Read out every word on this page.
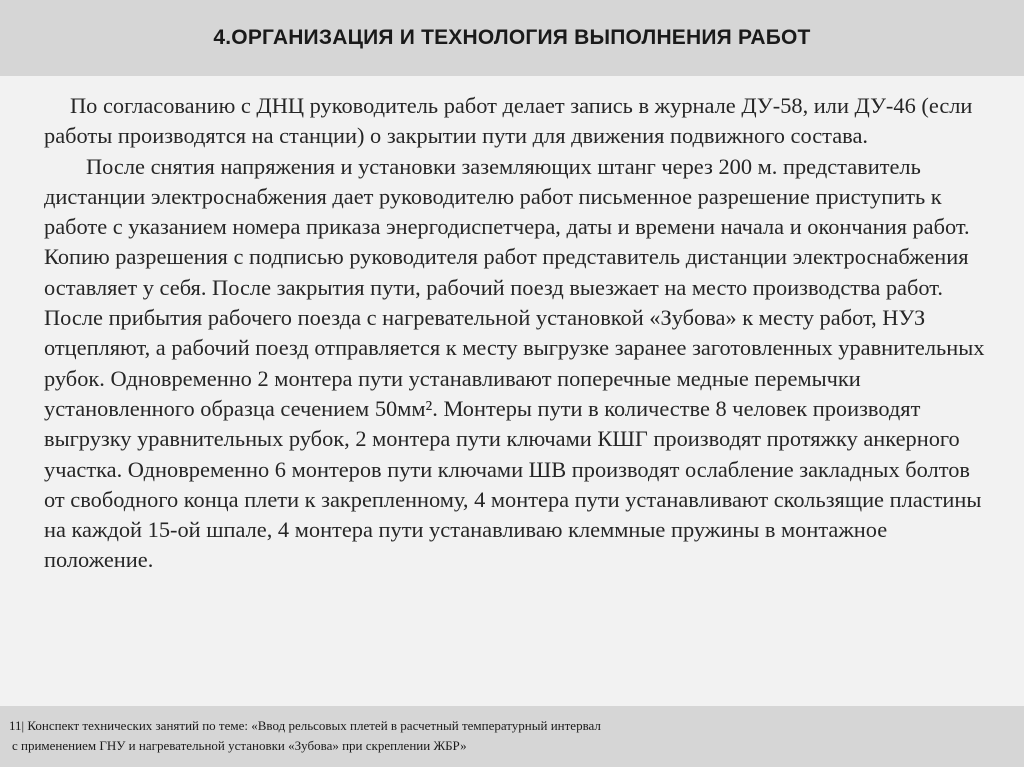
4.ОРГАНИЗАЦИЯ И ТЕХНОЛОГИЯ ВЫПОЛНЕНИЯ РАБОТ

По согласованию с ДНЦ руководитель работ делает запись в журнале ДУ-58, или ДУ-46 (если работы производятся на станции) о закрытии пути для движения подвижного состава.

После снятия напряжения и установки заземляющих штанг через 200 м. представитель дистанции электроснабжения дает руководителю работ письменное разрешение приступить к работе с указанием номера приказа энергодиспетчера, даты и времени начала и окончания работ. Копию разрешения с подписью руководителя работ представитель дистанции электроснабжения оставляет у себя. После закрытия пути, рабочий поезд выезжает на место производства работ. После прибытия рабочего поезда с нагревательной установкой «Зубова» к месту работ, НУЗ отцепляют, а рабочий поезд отправляется к месту выгрузке заранее заготовленных уравнительных рубок. Одновременно 2 монтера пути устанавливают поперечные медные перемычки установленного образца сечением 50мм². Монтеры пути в количестве 8 человек производят выгрузку уравнительных рубок, 2 монтера пути ключами КШГ производят протяжку анкерного участка. Одновременно 6 монтеров пути ключами ШВ производят ослабление закладных болтов от свободного конца плети к закрепленному, 4 монтера пути устанавливают скользящие пластины на каждой 15-ой шпале, 4 монтера пути устанавливаю клеммные пружины в монтажное положение.

11| Конспект технических занятий по теме: «Ввод рельсовых плетей в расчетный температурный интервал
с применением ГНУ и нагревательной установки «Зубова» при скреплении ЖБР»
